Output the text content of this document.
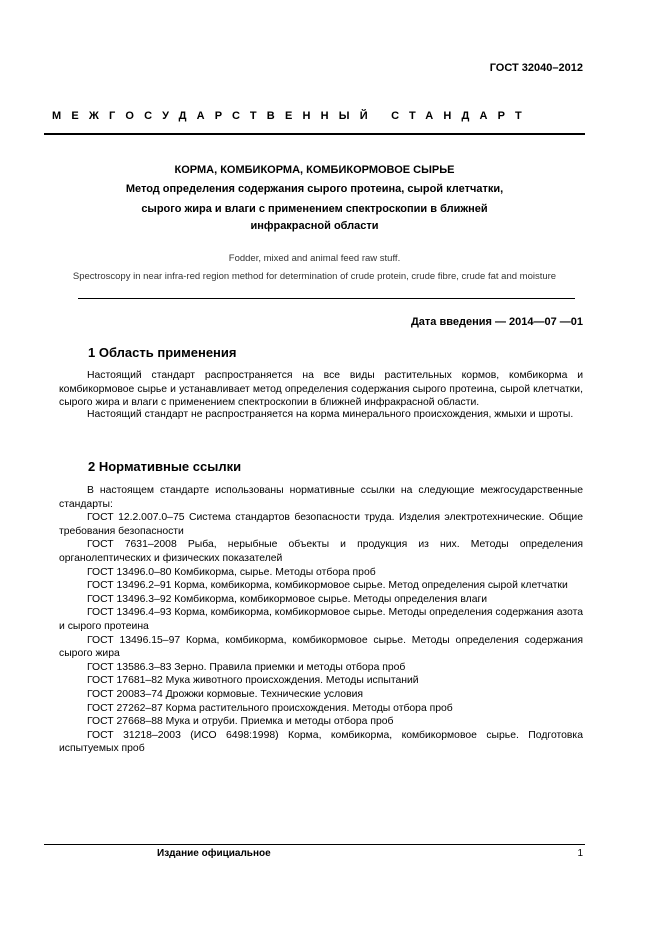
ГОСТ 32040–2012
МЕЖГОСУДАРСТВЕННЫЙ СТАНДАРТ
КОРМА, КОМБИКОРМА, КОМБИКОРМОВОЕ СЫРЬЕ
Метод определения содержания сырого протеина, сырой клетчатки,
сырого жира и влаги с применением спектроскопии в ближней
инфракрасной области
Fodder, mixed and animal feed raw stuff.
Spectroscopy in near infra-red region method for determination of crude protein, crude fibre, crude fat and moisture
Дата введения — 2014—07 —01
1 Область применения

Настоящий стандарт распространяется на все виды растительных кормов, комбикорма и комбикормовое сырье и устанавливает метод определения содержания сырого протеина, сырой клетчатки, сырого жира и влаги с применением спектроскопии в ближней инфракрасной области.

Настоящий стандарт не распространяется на корма минерального происхождения, жмыхи и шроты.

2 Нормативные ссылки

В настоящем стандарте использованы нормативные ссылки на следующие межгосударственные стандарты:

ГОСТ 12.2.007.0–75 Система стандартов безопасности труда. Изделия электротехнические. Общие требования безопасности

ГОСТ 7631–2008 Рыба, нерыбные объекты и продукция из них. Методы определения органолептических и физических показателей

ГОСТ 13496.0–80 Комбикорма, сырье. Методы отбора проб

ГОСТ 13496.2–91 Корма, комбикорма, комбикормовое сырье. Метод определения сырой клетчатки

ГОСТ 13496.3–92 Комбикорма, комбикормовое сырье. Методы определения влаги

ГОСТ 13496.4–93 Корма, комбикорма, комбикормовое сырье. Методы определения содержания азота и сырого протеина

ГОСТ 13496.15–97 Корма, комбикорма, комбикормовое сырье. Методы определения содержания сырого жира

ГОСТ 13586.3–83 Зерно. Правила приемки и методы отбора проб

ГОСТ 17681–82 Мука животного происхождения. Методы испытаний

ГОСТ 20083–74 Дрожжи кормовые. Технические условия

ГОСТ 27262–87 Корма растительного происхождения. Методы отбора проб

ГОСТ 27668–88 Мука и отруби. Приемка и методы отбора проб

ГОСТ 31218–2003 (ИСО 6498:1998) Корма, комбикорма, комбикормовое сырье. Подготовка испытуемых проб

Издание официальное	1
